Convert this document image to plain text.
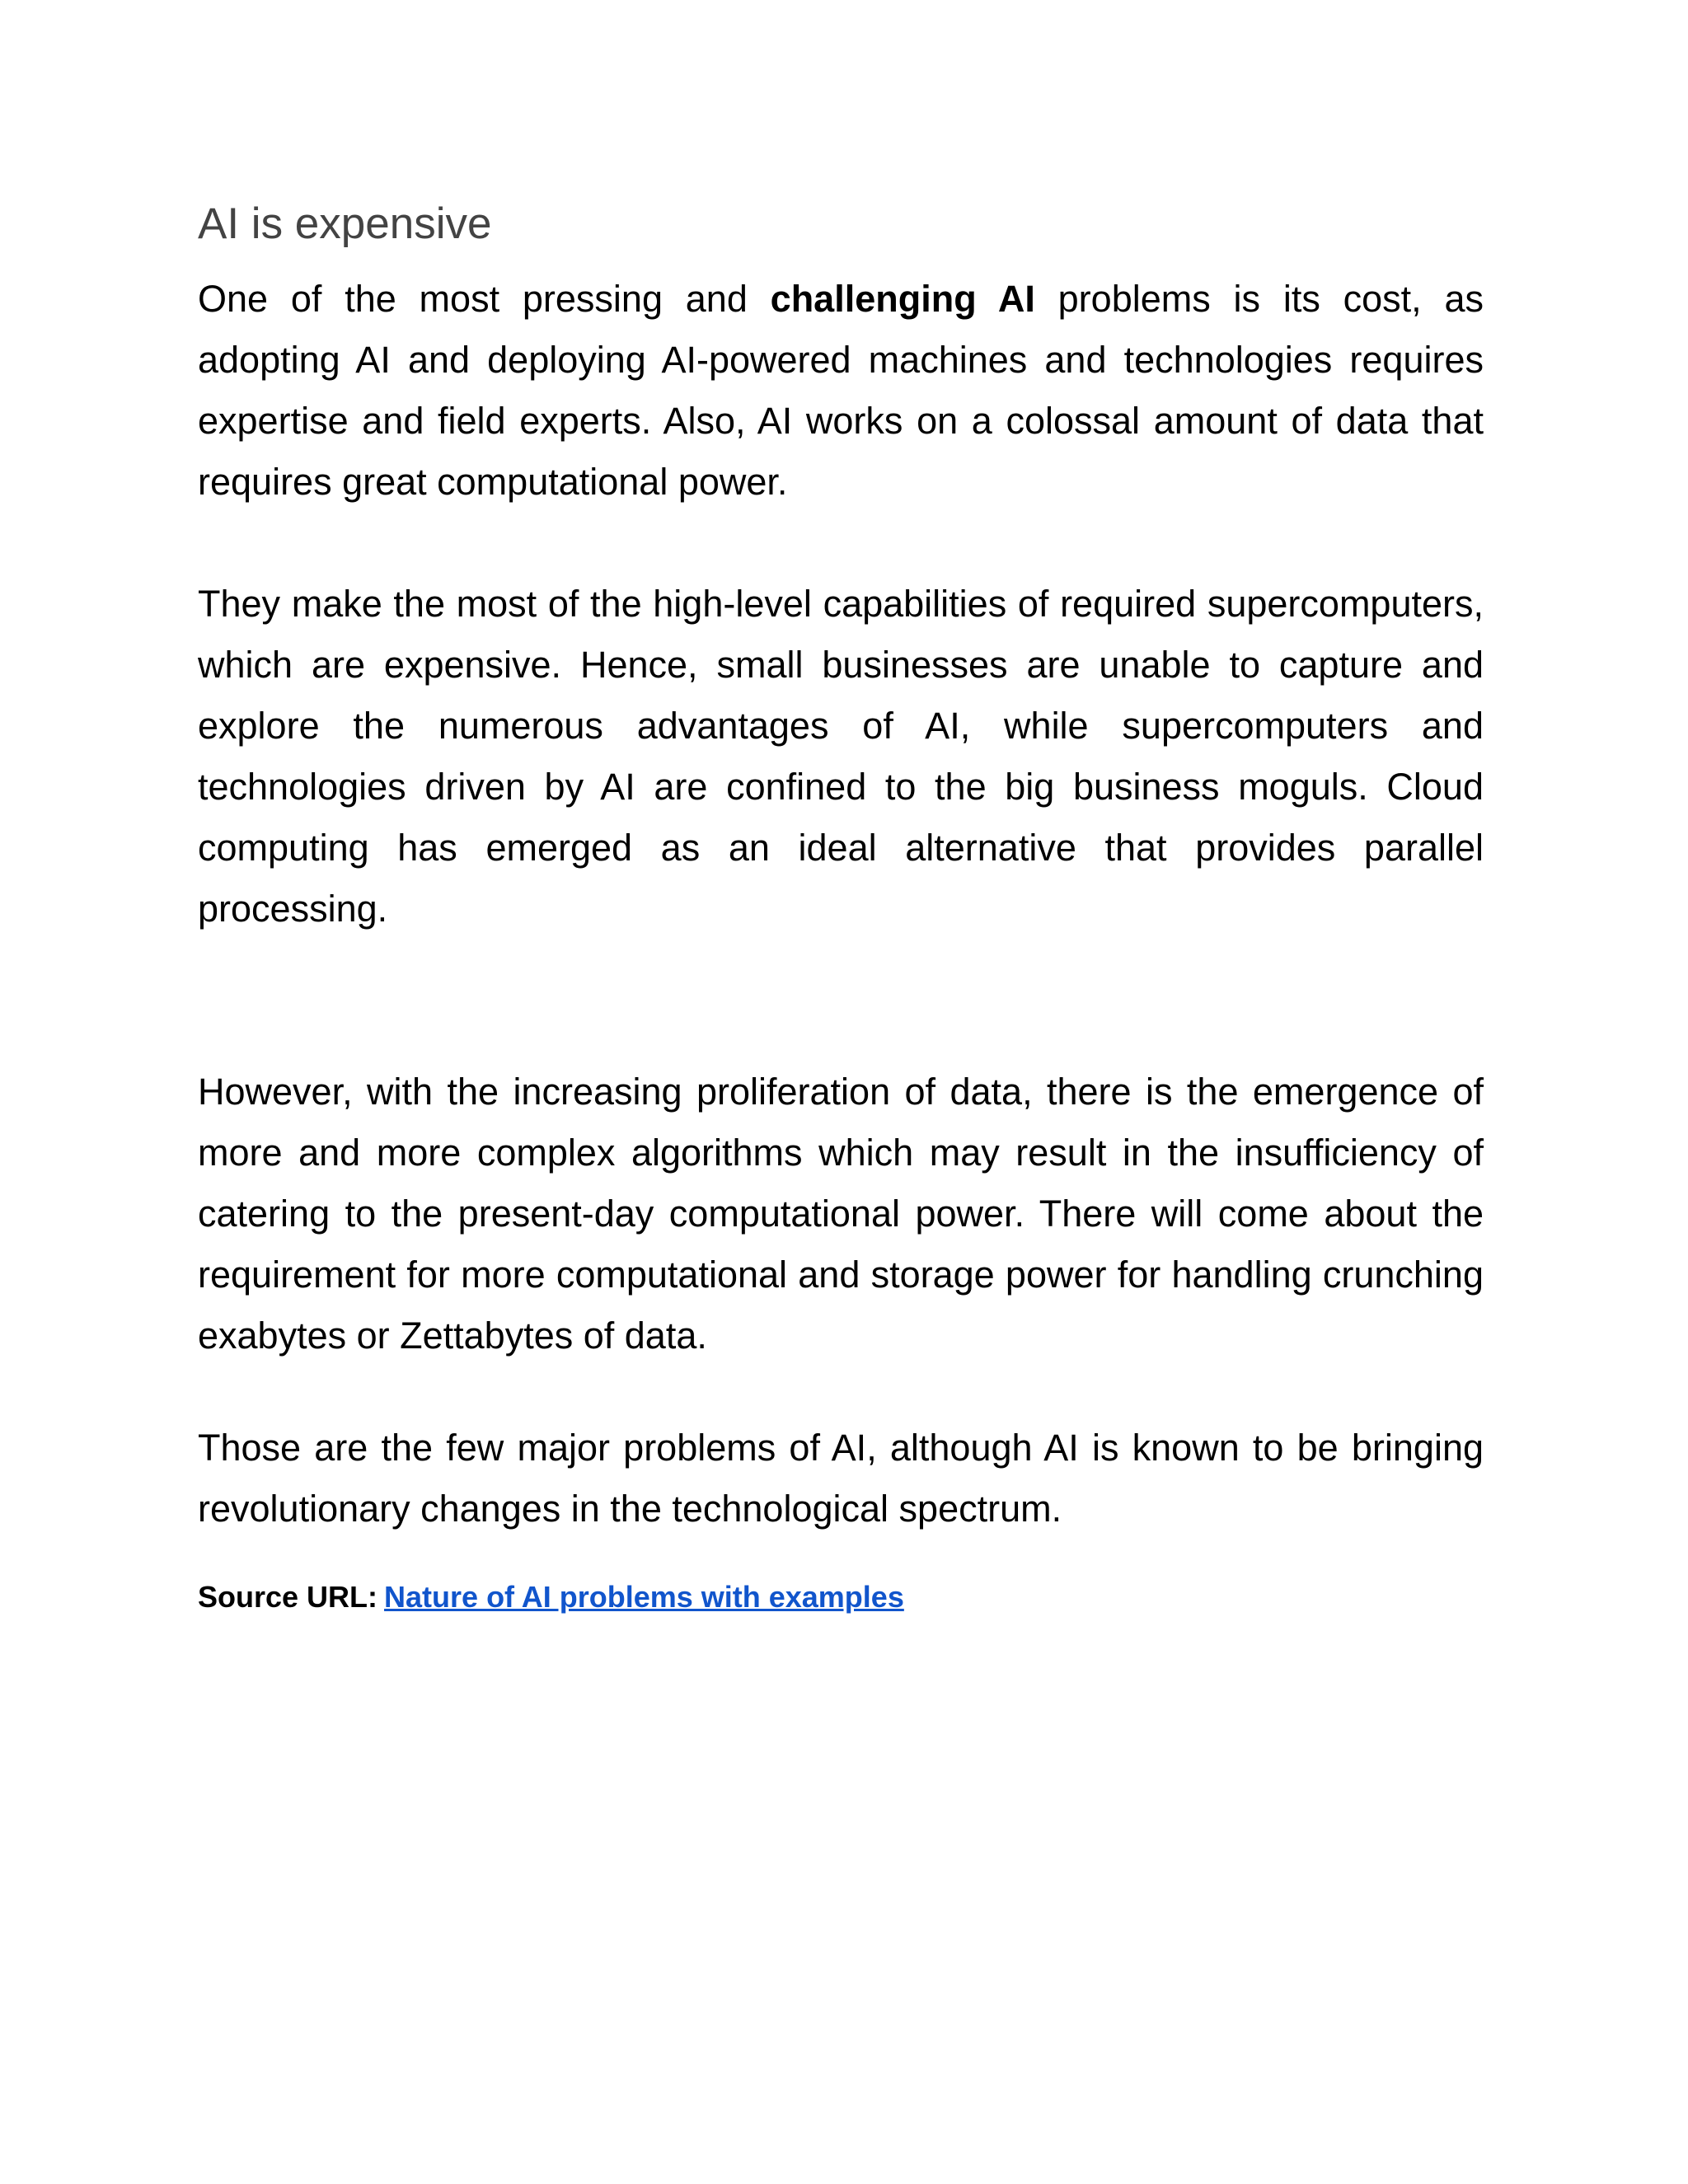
AI is expensive

One of the most pressing and challenging AI problems is its cost, as adopting AI and deploying AI-powered machines and technologies requires expertise and field experts. Also, AI works on a colossal amount of data that requires great computational power.

They make the most of the high-level capabilities of required supercomputers, which are expensive. Hence, small businesses are unable to capture and explore the numerous advantages of AI, while supercomputers and technologies driven by AI are confined to the big business moguls. Cloud computing has emerged as an ideal alternative that provides parallel processing.

However, with the increasing proliferation of data, there is the emergence of more and more complex algorithms which may result in the insufficiency of catering to the present-day computational power. There will come about the requirement for more computational and storage power for handling crunching exabytes or Zettabytes of data.

Those are the few major problems of AI, although AI is known to be bringing revolutionary changes in the technological spectrum.

Source URL: Nature of AI problems with examples
